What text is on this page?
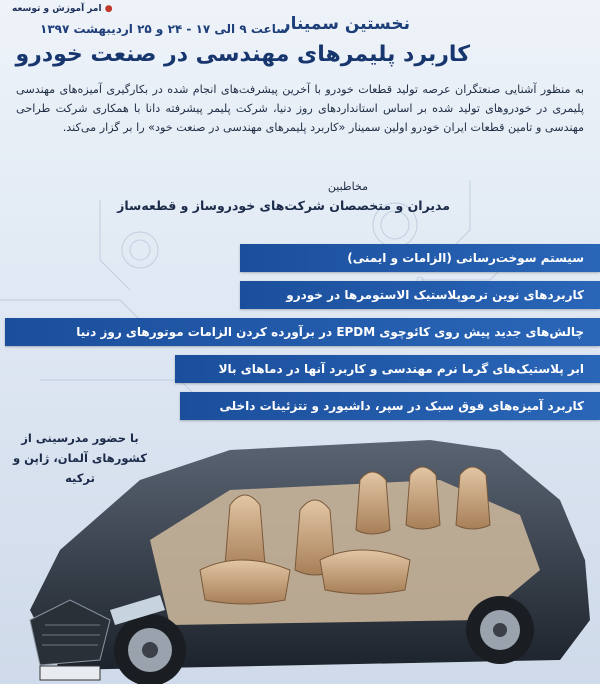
● امر آموزش و توسعه
نخستین سمینار
ساعت ۹ الی ۱۷ - ۲۴ و ۲۵ اردیبهشت ۱۳۹۷
کاربرد پلیمرهای مهندسی در صنعت خودرو
به منظور آشنایی صنعتگران عرصه تولید قطعات خودرو با آخرین پیشرفت‌های انجام شده در بکارگیری آمیزه‌های مهندسی پلیمری در خودروهای تولید شده بر اساس استانداردهای روز دنیا، شرکت پلیمر پیشرفته دانا با همکاری شرکت طراحی مهندسی و تامین قطعات ایران خودرو اولین سمینار «کاربرد پلیمرهای مهندسی در صنعت خود» را بر گزار می‌کند.
مخاطبین
مدیران و متخصصان شرکت‌های خودروساز و قطعه‌ساز
سیستم سوخت‌رسانی (الزامات و ایمنی)
کاربردهای نوین ترموپلاستیک الاستومرها در خودرو
چالش‌های جدید پیش روی کائوچوی EPDM در برآورده کردن الزامات موتورهای روز دنیا
ابر پلاستیک‌های گرما نرم مهندسی و کاربرد آنها در دماهای بالا
کاربرد آمیزه‌های فوق سبک در سپر، داشبورد و تتزئینات داخلی
با حضور مدرسینی از
کشورهای آلمان، ژاپن و ترکیه
